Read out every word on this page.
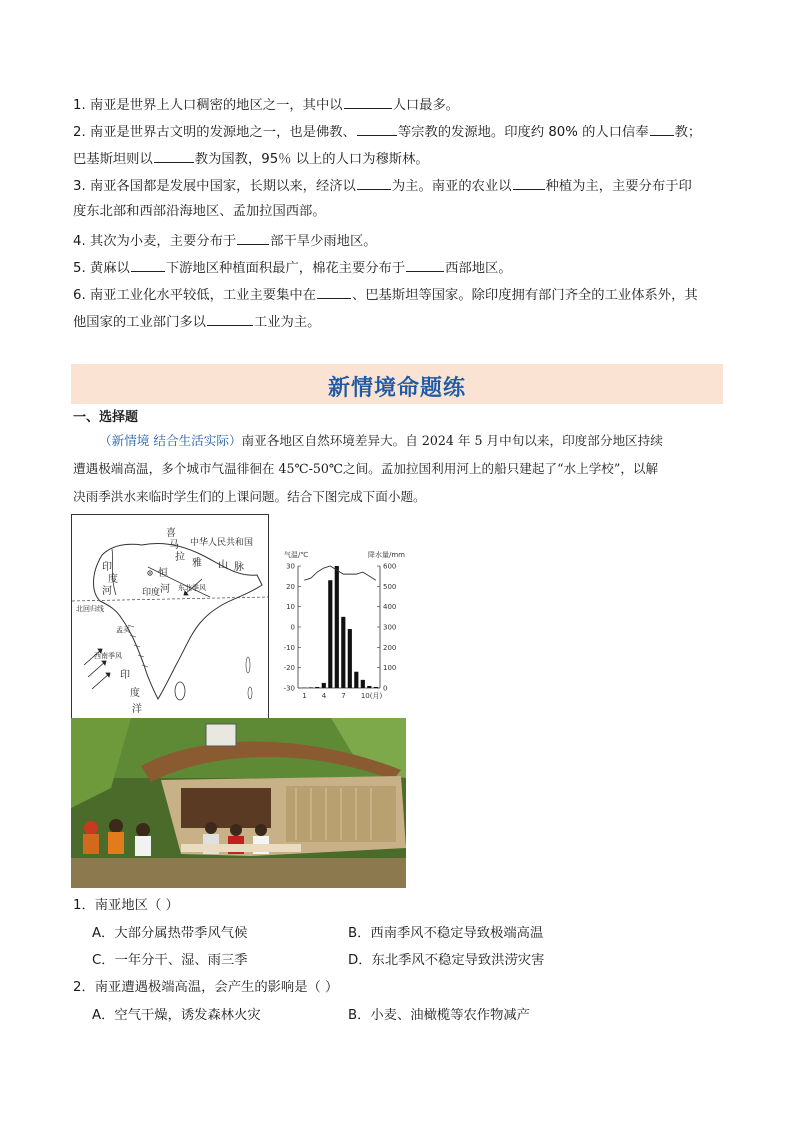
1. 南亚是世界上人口稠密的地区之一，其中以	人口最多。
2. 南亚是世界古文明的发源地之一，也是佛教、	等宗教的发源地。印度约 80% 的人口信奉 教；
巴基斯坦则以	教为国教，95％ 以上的人口为穆斯林。
3. 南亚各国都是发展中国家，长期以来，经济以	为主。南亚的农业以	种植为主，主要分布于印
度东北部和西部沿海地区、孟加拉国西部。
4. 其次为小麦，主要分布于	部干旱少雨地区。
5. 黄麻以	下游地区种植面积最广，棉花主要分布于	西部地区。
6. 南亚工业化水平较低，工业主要集中在	、巴基斯坦等国家。除印度拥有部门齐全的工业体系外，其
他国家的工业部门多以	工业为主。
新情境命题练
一、选择题
（新情境 结合生活实际）南亚各地区自然环境差异大。自 2024 年 5 月中旬以来，印度部分地区持续
遭遇极端高温，多个城市气温徘徊在 45℃-50℃之间。孟加拉国利用河上的船只建起了“水上学校”，以解
决雨季洪水来临时学生们的上课问题。结合下图完成下面小题。
中华人民共和国
喜
马
拉
雅 山 脉
印
度
河
恒
河
印度	东北季风
北回归线
孟买
西南季风
印
度
洋
气温/℃	降水量/mm
30
20
10
0
-10
-20
-30
600
500
400
300
200
100
0
1 4 7 10(月)
1．南亚地区（ ）
A．大部分属热带季风气候	B．西南季风不稳定导致极端高温
C．一年分干、湿、雨三季	D．东北季风不稳定导致洪涝灾害
2．南亚遭遇极端高温，会产生的影响是（ ）
A．空气干燥，诱发森林火灾	B．小麦、油橄榄等农作物减产
